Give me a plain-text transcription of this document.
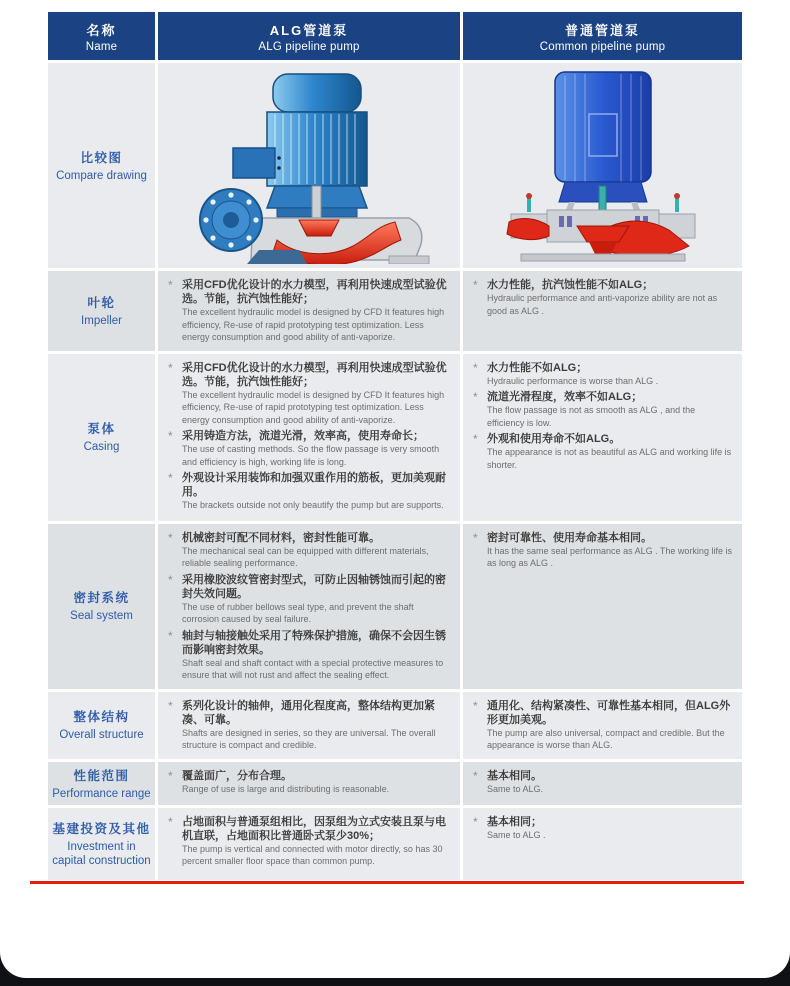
名称
Name
ALG管道泵
ALG pipeline pump
普通管道泵
Common pipeline pump
比较图
Compare drawing
叶轮
Impeller
* 采用CFD优化设计的水力模型，再利用快速成型试验优选。节能，抗汽蚀性能好；
The excellent hydraulic model is designed by CFD It features high efficiency, Re-use of rapid prototyping test optimization. Less energy consumption and good ability of anti-vaporize.
* 水力性能，抗汽蚀性能不如ALG；
Hydraulic performance and anti-vaporize ability are not as good as ALG .
泵体
Casing
* 采用CFD优化设计的水力模型，再利用快速成型试验优选。节能，抗汽蚀性能好；
The excellent hydraulic model is designed by CFD It features high efficiency, Re-use of rapid prototyping test optimization. Less energy consumption and good ability of anti-vaporize.
* 采用铸造方法，流道光滑，效率高，使用寿命长；
The use of casting methods. So the flow passage is very smooth and efficiency is high, working life is long.
* 外观设计采用装饰和加强双重作用的筋板，更加美观耐用。
The brackets outside not only beautify the pump but are supports.
* 水力性能不如ALG；
Hydraulic performance is worse than ALG .
* 流道光滑程度，效率不如ALG；
The flow passage is not as smooth as ALG , and the efficiency is low.
* 外观和使用寿命不如ALG。
The appearance is not as beautiful as ALG and working life is shorter.
密封系统
Seal system
* 机械密封可配不同材料，密封性能可靠。
The mechanical seal can be equipped with different materials, reliable sealing performance.
* 采用橡胶波纹管密封型式，可防止因轴锈蚀而引起的密封失效问题。
The use of rubber bellows seal type, and prevent the shaft corrosion caused by seal failure.
* 轴封与轴接触处采用了特殊保护措施，确保不会因生锈而影响密封效果。
Shaft seal and shaft contact with a special protective measures to ensure that will not rust and affect the sealing effect.
* 密封可靠性、使用寿命基本相同。
It has the same seal performance as ALG . The working life is as long as ALG .
整体结构
Overall structure
* 系列化设计的轴伸，通用化程度高，整体结构更加紧凑、可靠。
Shafts are designed in series, so they are universal. The overall structure is compact and credible.
* 通用化、结构紧凑性、可靠性基本相同，但ALG外形更加美观。
The pump are also universal, compact and credible. But the appearance is worse than ALG.
性能范围
Performance range
* 覆盖面广，分布合理。
Range of use is large and distributing is reasonable.
* 基本相同。
Same to ALG.
基建投资及其他
Investment in capital construction
* 占地面积与普通泵组相比，因泵组为立式安装且泵与电机直联，占地面积比普通卧式泵少30%；
The pump is vertical and connected with motor directly, so has 30 percent smaller floor space than common pump.
* 基本相同；
Same to ALG .
